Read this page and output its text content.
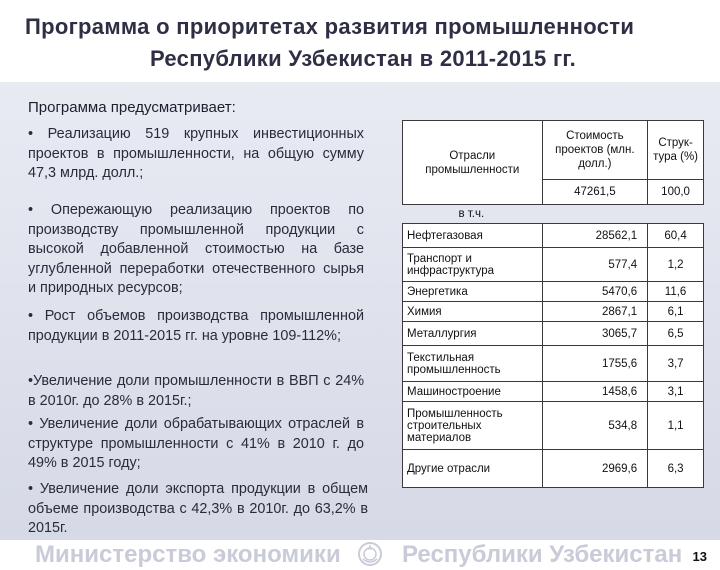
Программа о приоритетах развития промышленности
Республики Узбекистан в 2011-2015 гг.
Программа предусматривает:

• Реализацию 519 крупных инвестиционных проектов в промышленности, на общую сумму 47,3 млрд. долл.;

• Опережающую реализацию проектов по производству промышленной продукции с высокой добавленной стоимостью на базе углубленной переработки отечественного сырья и природных ресурсов;

• Рост объемов производства промышленной продукции в 2011-2015 гг. на уровне 109-112%;

•Увеличение доли промышленности в ВВП с 24% в 2010г. до 28% в 2015г.;

• Увеличение доли обрабатывающих отраслей в структуре промышленности с 41% в 2010 г. до 49% в 2015 году;

• Увеличение доли экспорта продукции в общем объеме производства с 42,3% в 2010г. до 63,2% в 2015г.

Отрасли промышленности	Стоимость проектов (млн. долл.)	Струк-тура (%)
	47261,5	100,0
в т.ч.		
Нефтегазовая	28562,1	60,4
Транспорт и инфраструктура	577,4	1,2
Энергетика	5470,6	11,6
Химия	2867,1	6,1
Металлургия	3065,7	6,5
Текстильная промышленность	1755,6	3,7
Машиностроение	1458,6	3,1
Промышленность строительных материалов	534,8	1,1
Другие отрасли	2969,6	6,3
Министерство экономики	Республики Узбекистан 13
